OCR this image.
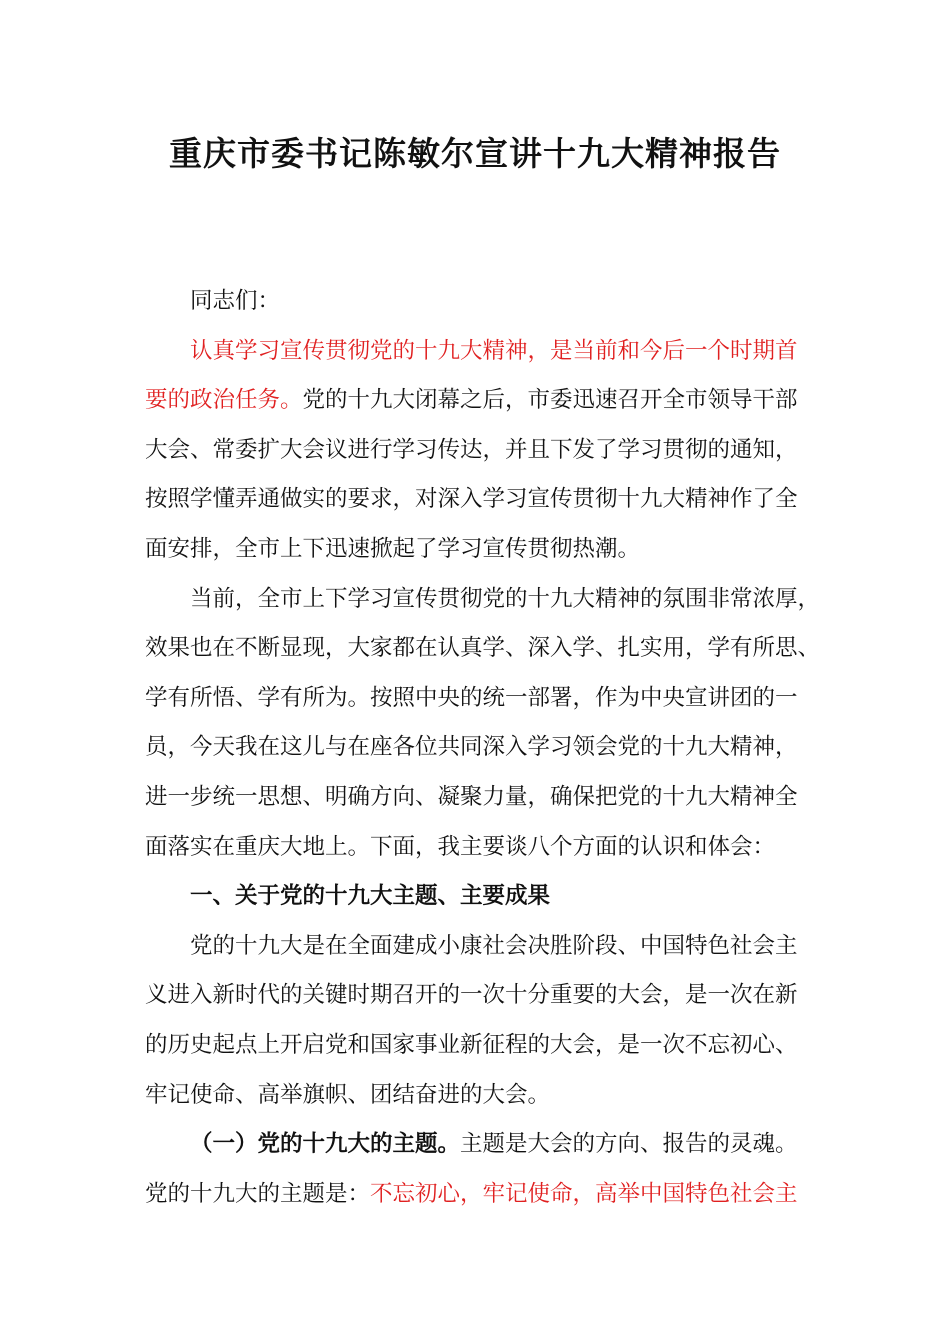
重庆市委书记陈敏尔宣讲十九大精神报告
同志们：
认真学习宣传贯彻党的十九大精神，是当前和今后一个时期首
要的政治任务。党的十九大闭幕之后，市委迅速召开全市领导干部
大会、常委扩大会议进行学习传达，并且下发了学习贯彻的通知，
按照学懂弄通做实的要求，对深入学习宣传贯彻十九大精神作了全
面安排，全市上下迅速掀起了学习宣传贯彻热潮。
当前，全市上下学习宣传贯彻党的十九大精神的氛围非常浓厚，
效果也在不断显现，大家都在认真学、深入学、扎实用，学有所思、
学有所悟、学有所为。按照中央的统一部署，作为中央宣讲团的一
员，今天我在这儿与在座各位共同深入学习领会党的十九大精神，
进一步统一思想、明确方向、凝聚力量，确保把党的十九大精神全
面落实在重庆大地上。下面，我主要谈八个方面的认识和体会：
一、关于党的十九大主题、主要成果
党的十九大是在全面建成小康社会决胜阶段、中国特色社会主
义进入新时代的关键时期召开的一次十分重要的大会，是一次在新
的历史起点上开启党和国家事业新征程的大会，是一次不忘初心、
牢记使命、高举旗帜、团结奋进的大会。
（一）党的十九大的主题。主题是大会的方向、报告的灵魂。
党的十九大的主题是：不忘初心，牢记使命，高举中国特色社会主
